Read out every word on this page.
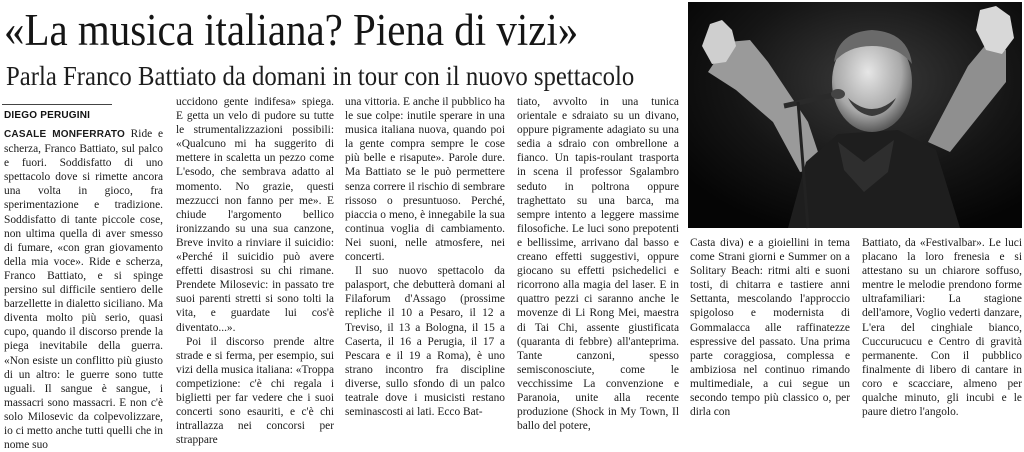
«La musica italiana? Piena di vizi»
Parla Franco Battiato da domani in tour con il nuovo spettacolo
DIEGO PERUGINI

CASALE MONFERRATO Ride e scherza, Franco Battiato, sul palco e fuori. Soddisfatto di uno spettacolo dove si rimette ancora una volta in gioco, fra sperimentazione e tradizione. Soddisfatto di tante piccole cose, non ultima quella di aver smesso di fumare, «con gran giovamento della mia voce». Ride e scherza, Franco Battiato, e si spinge persino sul difficile sentiero delle barzellette in dialetto siciliano. Ma diventa molto più serio, quasi cupo, quando il discorso prende la piega inevitabile della guerra. «Non esiste un conflitto più giusto di un altro: le guerre sono tutte uguali. Il sangue è sangue, i massacri sono massacri. E non c'è solo Milosevic da colpevolizzare, io ci metto anche tutti quelli che in nome suo

uccidono gente indifesa» spiega. E getta un velo di pudore su tutte le strumentalizzazioni possibili: «Qualcuno mi ha suggerito di mettere in scaletta un pezzo come L'esodo, che sembrava adatto al momento. No grazie, questi mezzucci non fanno per me». E chiude l'argomento bellico ironizzando su una sua canzone, Breve invito a rinviare il suicidio: «Perché il suicidio può avere effetti disastrosi su chi rimane. Prendete Milosevic: in passato tre suoi parenti stretti si sono tolti la vita, e guardate lui cos'è diventato...».

Poi il discorso prende altre strade e si ferma, per esempio, sui vizi della musica italiana: «Troppa competizione: c'è chi regala i biglietti per far vedere che i suoi concerti sono esauriti, e c'è chi intrallazza nei concorsi per strappare

una vittoria. E anche il pubblico ha le sue colpe: inutile sperare in una musica italiana nuova, quando poi la gente compra sempre le cose più belle e risapute». Parole dure. Ma Battiato se le può permettere senza correre il rischio di sembrare rissoso o presuntuoso. Perché, piaccia o meno, è innegabile la sua continua voglia di cambiamento. Nei suoni, nelle atmosfere, nei concerti.

Il suo nuovo spettacolo da palasport, che debutterà domani al Filaforum d'Assago (prossime repliche il 10 a Pesaro, il 12 a Treviso, il 13 a Bologna, il 15 a Caserta, il 16 a Perugia, il 17 a Pescara e il 19 a Roma), è uno strano incontro fra discipline diverse, sullo sfondo di un palco teatrale dove i musicisti restano seminascosti ai lati. Ecco Bat-

tiato, avvolto in una tunica orientale e sdraiato su un divano, oppure pigramente adagiato su una sedia a sdraio con ombrellone a fianco. Un tapis-roulant trasporta in scena il professor Sgalambro seduto in poltrona oppure traghettato su una barca, ma sempre intento a leggere massime filosofiche. Le luci sono prepotenti e bellissime, arrivano dal basso e creano effetti suggestivi, oppure giocano su effetti psichedelici e ricorrono alla magia del laser. E in quattro pezzi ci saranno anche le movenze di Li Rong Mei, maestra di Tai Chi, assente giustificata (quaranta di febbre) all'anteprima. Tante canzoni, spesso semisconosciute, come le vecchissime La convenzione e Paranoia, unite alla recente produzione (Shock in My Town, Il ballo del potere,

Casta diva) e a gioiellini in tema come Strani giorni e Summer on a Solitary Beach: ritmi alti e suoni tosti, di chitarra e tastiere anni Settanta, mescolando l'approccio spigoloso e modernista di Gommalacca alle raffinatezze espressive del passato. Una prima parte coraggiosa, complessa e ambiziosa nel continuo rimando multimediale, a cui segue un secondo tempo più classico o, per dirla con

Battiato, da «Festivalbar». Le luci placano la loro frenesia e si attestano su un chiarore soffuso, mentre le melodie prendono forme ultrafamiliari: La stagione dell'amore, Voglio vederti danzare, L'era del cinghiale bianco, Cuccurucucu e Centro di gravità permanente. Con il pubblico finalmente di libero di cantare in coro e scacciare, almeno per qualche minuto, gli incubi e le paure dietro l'angolo.
